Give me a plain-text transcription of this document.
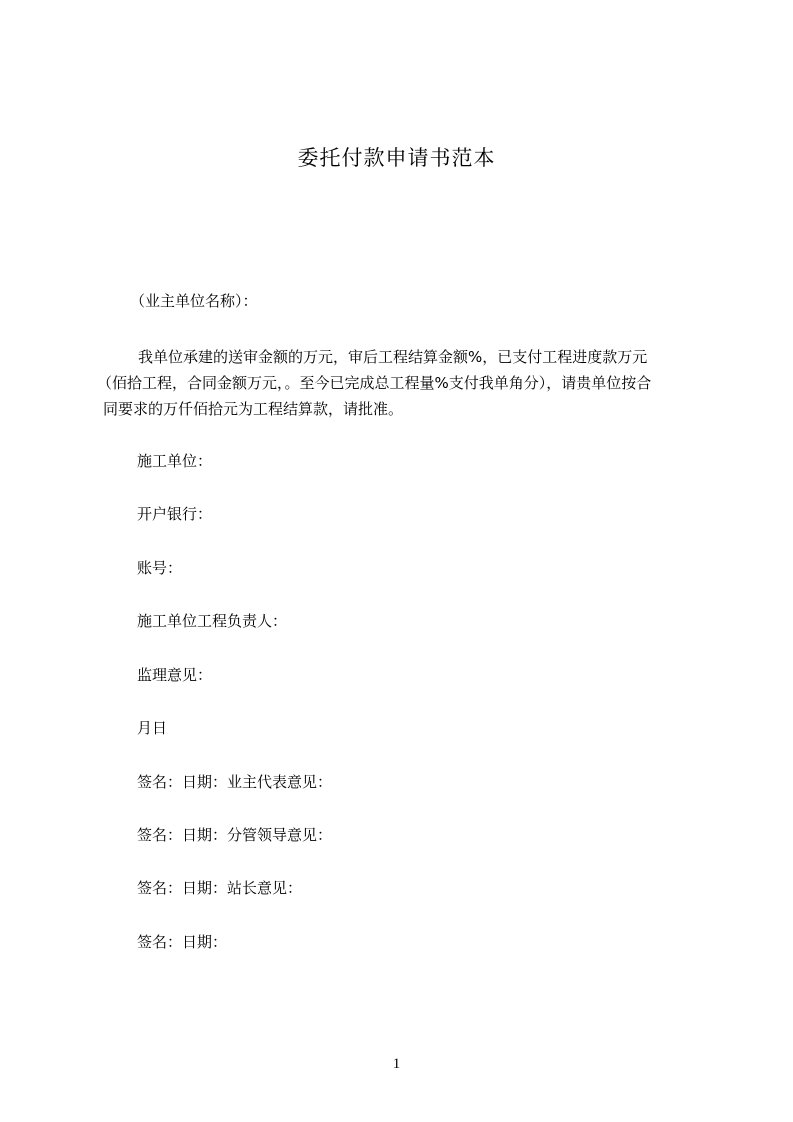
委托付款申请书范本
（业主单位名称）：
我单位承建的送审金额的万元，审后工程结算金额%，已支付工程进度款万元
（佰拾工程，合同金额万元，。至今已完成总工程量%支付我单角分），请贵单位按合
同要求的万仟佰拾元为工程结算款，请批准。
施工单位：
开户银行：
账号：
施工单位工程负责人：
监理意见：
月日
签名：日期：业主代表意见：
签名：日期：分管领导意见：
签名：日期：站长意见：
签名：日期：
1
